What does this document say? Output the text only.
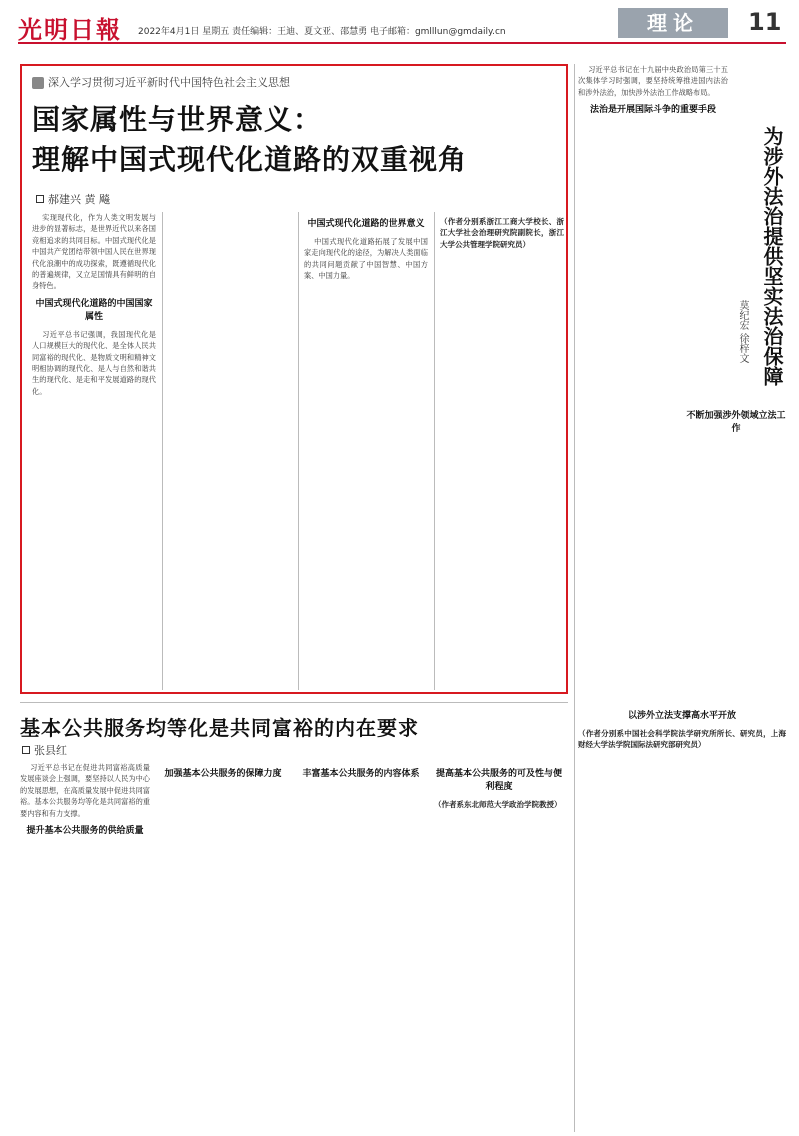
光明日報 2022年4月1日 星期五 责任编辑：王迪、夏文亚、邵慧勇 电子邮箱：gmlllun@gmdaily.cn	理论	11
深入学习贯彻习近平新时代中国特色社会主义思想
国家属性与世界意义：
理解中国式现代化道路的双重视角
郝建兴 黄 飚

实现现代化，作为人类文明发展与进步的显著标志，是世界近代以来各国竞相追求的共同目标。中国式现代化是中国共产党团结带领中国人民在世界现代化浪潮中的成功探索，既遵循现代化的普遍规律，又立足国情具有鲜明的自身特色。

中国式现代化道路的中国国家属性

习近平总书记强调，我国现代化是人口规模巨大的现代化、是全体人民共同富裕的现代化、是物质文明和精神文明相协调的现代化、是人与自然和谐共生的现代化、是走和平发展道路的现代化。

中国式现代化道路的世界意义

中国式现代化道路拓展了发展中国家走向现代化的途径，为解决人类面临的共同问题贡献了中国智慧、中国方案、中国力量。

（作者分别系浙江工商大学校长、浙江大学社会治理研究院副院长，浙江大学公共管理学院研究员）
基本公共服务均等化是共同富裕的内在要求
张县红

习近平总书记在促进共同富裕高质量发展座谈会上强调，要坚持以人民为中心的发展思想，在高质量发展中促进共同富裕。基本公共服务均等化是共同富裕的重要内容和有力支撑。

提升基本公共服务的供给质量
加强基本公共服务的保障力度	丰富基本公共服务的内容体系	提高基本公共服务的可及性与便利程度
（作者系东北师范大学政治学院教授）
为涉外法治提供坚实法治保障
莫纪宏 徐梓文

习近平总书记在十九届中央政治局第三十五次集体学习时强调，要坚持统筹推进国内法治和涉外法治，加快涉外法治工作战略布局。

法治是开展国际斗争的重要手段
不断加强涉外领域立法工作
以涉外立法支撑高水平开放
（作者分别系中国社会科学院法学研究所所长、研究员，上海财经大学法学院国际法研究部研究员）
